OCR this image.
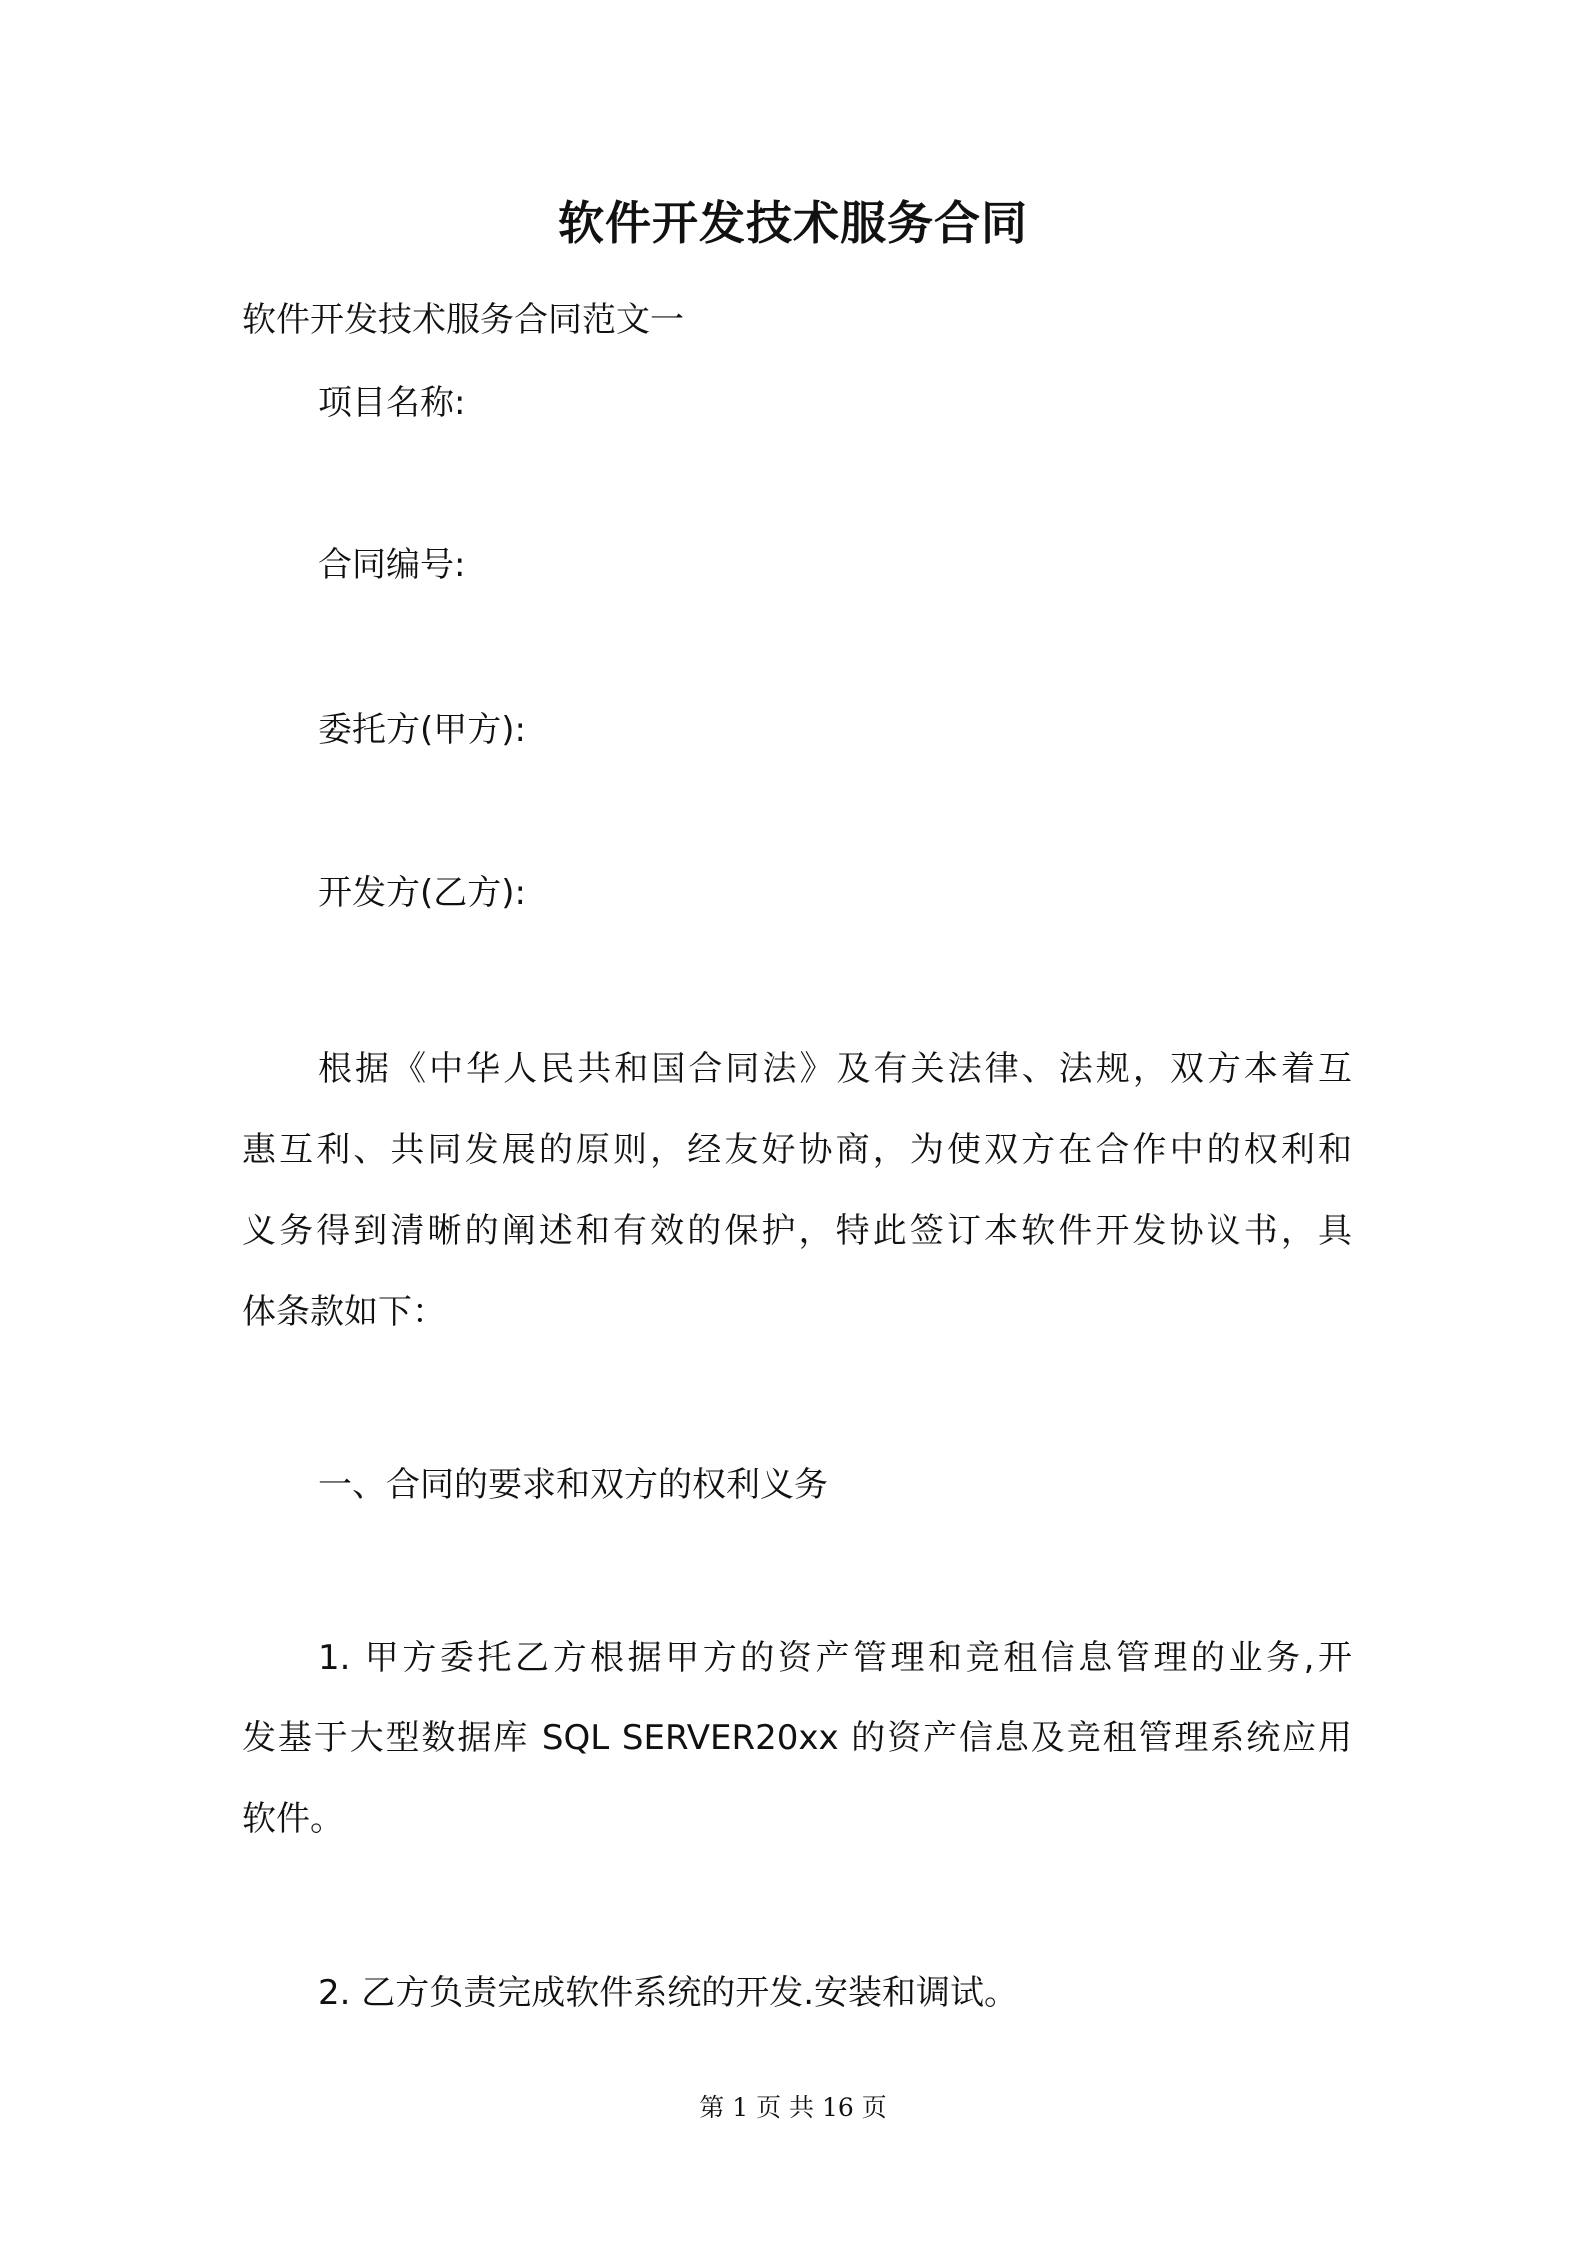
软件开发技术服务合同
软件开发技术服务合同范文一
项目名称:
合同编号:
委托方(甲方):
开发方(乙方):
根据《中华人民共和国合同法》及有关法律、法规，双方本着互
惠互利、共同发展的原则，经友好协商，为使双方在合作中的权利和
义务得到清晰的阐述和有效的保护，特此签订本软件开发协议书，具
体条款如下：
一、合同的要求和双方的权利义务
1. 甲方委托乙方根据甲方的资产管理和竞租信息管理的业务,开
发基于大型数据库 SQL SERVER20xx 的资产信息及竞租管理系统应用
软件。
2. 乙方负责完成软件系统的开发.安装和调试。
第 1 页 共 16 页
